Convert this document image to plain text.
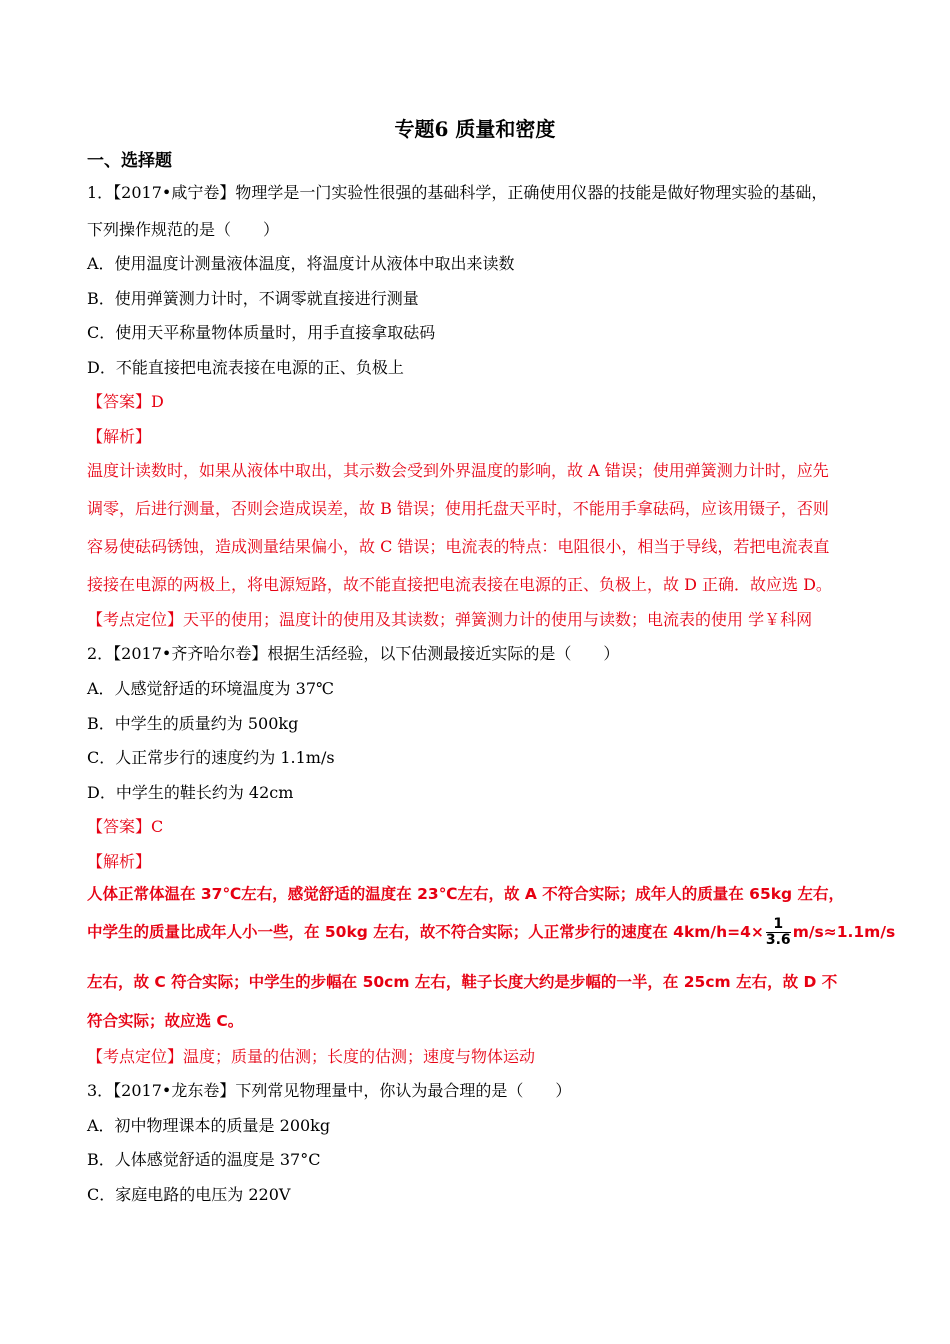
专题6 质量和密度
一、选择题
1．【2017•咸宁卷】物理学是一门实验性很强的基础科学，正确使用仪器的技能是做好物理实验的基础，
下列操作规范的是（　　）
A．使用温度计测量液体温度，将温度计从液体中取出来读数
B．使用弹簧测力计时，不调零就直接进行测量
C．使用天平称量物体质量时，用手直接拿取砝码
D．不能直接把电流表接在电源的正、负极上
【答案】D
【解析】
温度计读数时，如果从液体中取出，其示数会受到外界温度的影响，故 A 错误；使用弹簧测力计时，应先
调零，后进行测量，否则会造成误差，故 B 错误；使用托盘天平时，不能用手拿砝码，应该用镊子，否则
容易使砝码锈蚀，造成测量结果偏小，故 C 错误；电流表的特点：电阻很小，相当于导线，若把电流表直
接接在电源的两极上，将电源短路，故不能直接把电流表接在电源的正、负极上，故 D 正确．故应选 D。
【考点定位】天平的使用；温度计的使用及其读数；弹簧测力计的使用与读数；电流表的使用 学￥科网
2．【2017•齐齐哈尔卷】根据生活经验，以下估测最接近实际的是（　　）
A．人感觉舒适的环境温度为 37℃
B．中学生的质量约为 500kg
C．人正常步行的速度约为 1.1m/s
D．中学生的鞋长约为 42cm
【答案】C
【解析】
人体正常体温在 37℃左右，感觉舒适的温度在 23℃左右，故 A 不符合实际；成年人的质量在 65kg 左右，
中学生的质量比成年人小一些，在 50kg 左右，故不符合实际；人正常步行的速度在 $4km/h=4\times \frac{1}{3.6} m/s\approx 1.1m/s$
左右，故 C 符合实际；中学生的步幅在 50cm 左右，鞋子长度大约是步幅的一半，在 25cm 左右，故 D 不
符合实际；故应选 C。
【考点定位】温度；质量的估测；长度的估测；速度与物体运动
3．【2017•龙东卷】下列常见物理量中，你认为最合理的是（　　）
A．初中物理课本的质量是 200kg
B．人体感觉舒适的温度是 37°C
C．家庭电路的电压为 220V
